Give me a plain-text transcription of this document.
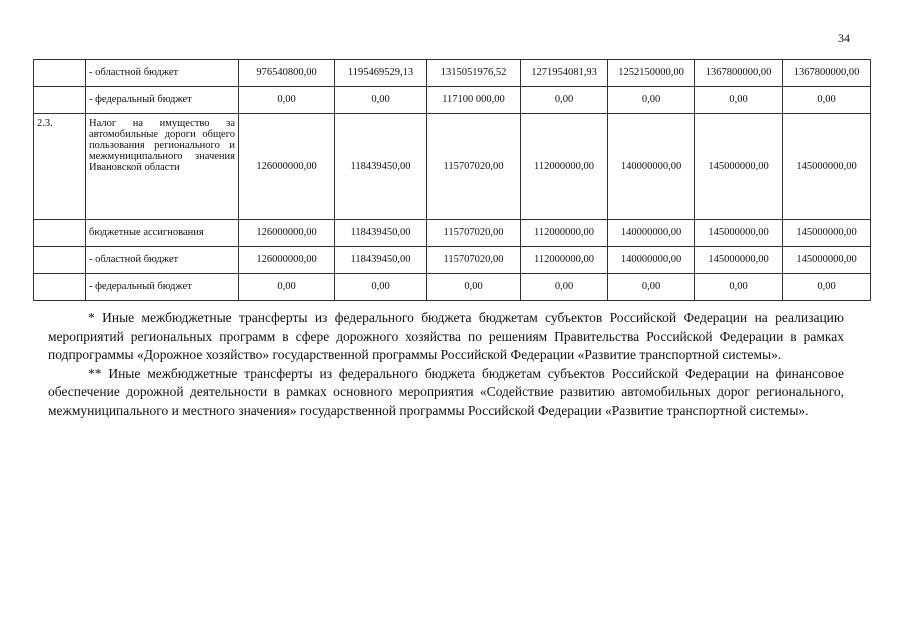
34
	- областной бюджет	976540800,00	1195469529,13	1315051976,52	1271954081,93	1252150000,00	1367800000,00	1367800000,00
	- федеральный бюджет	0,00	0,00	117100 000,00	0,00	0,00	0,00	0,00
2.3.	Налог на имущество за автомобильные дороги общего пользования регионального и межмуниципального значения Ивановской области	126000000,00	118439450,00	115707020,00	112000000,00	140000000,00	145000000,00	145000000,00
	бюджетные ассигнования	126000000,00	118439450,00	115707020,00	112000000,00	140000000,00	145000000,00	145000000,00
	- областной бюджет	126000000,00	118439450,00	115707020,00	112000000,00	140000000,00	145000000,00	145000000,00
	- федеральный бюджет	0,00	0,00	0,00	0,00	0,00	0,00	0,00

* Иные межбюджетные трансферты из федерального бюджета бюджетам субъектов Российской Федерации на реализацию мероприятий региональных программ в сфере дорожного хозяйства по решениям Правительства Российской Федерации в рамках подпрограммы «Дорожное хозяйство» государственной программы Российской Федерации «Развитие транспортной системы».

** Иные межбюджетные трансферты из федерального бюджета бюджетам субъектов Российской Федерации на финансовое обеспечение дорожной деятельности в рамках основного мероприятия «Содействие развитию автомобильных дорог регионального, межмуниципального и местного значения» государственной программы Российской Федерации «Развитие транспортной системы».
